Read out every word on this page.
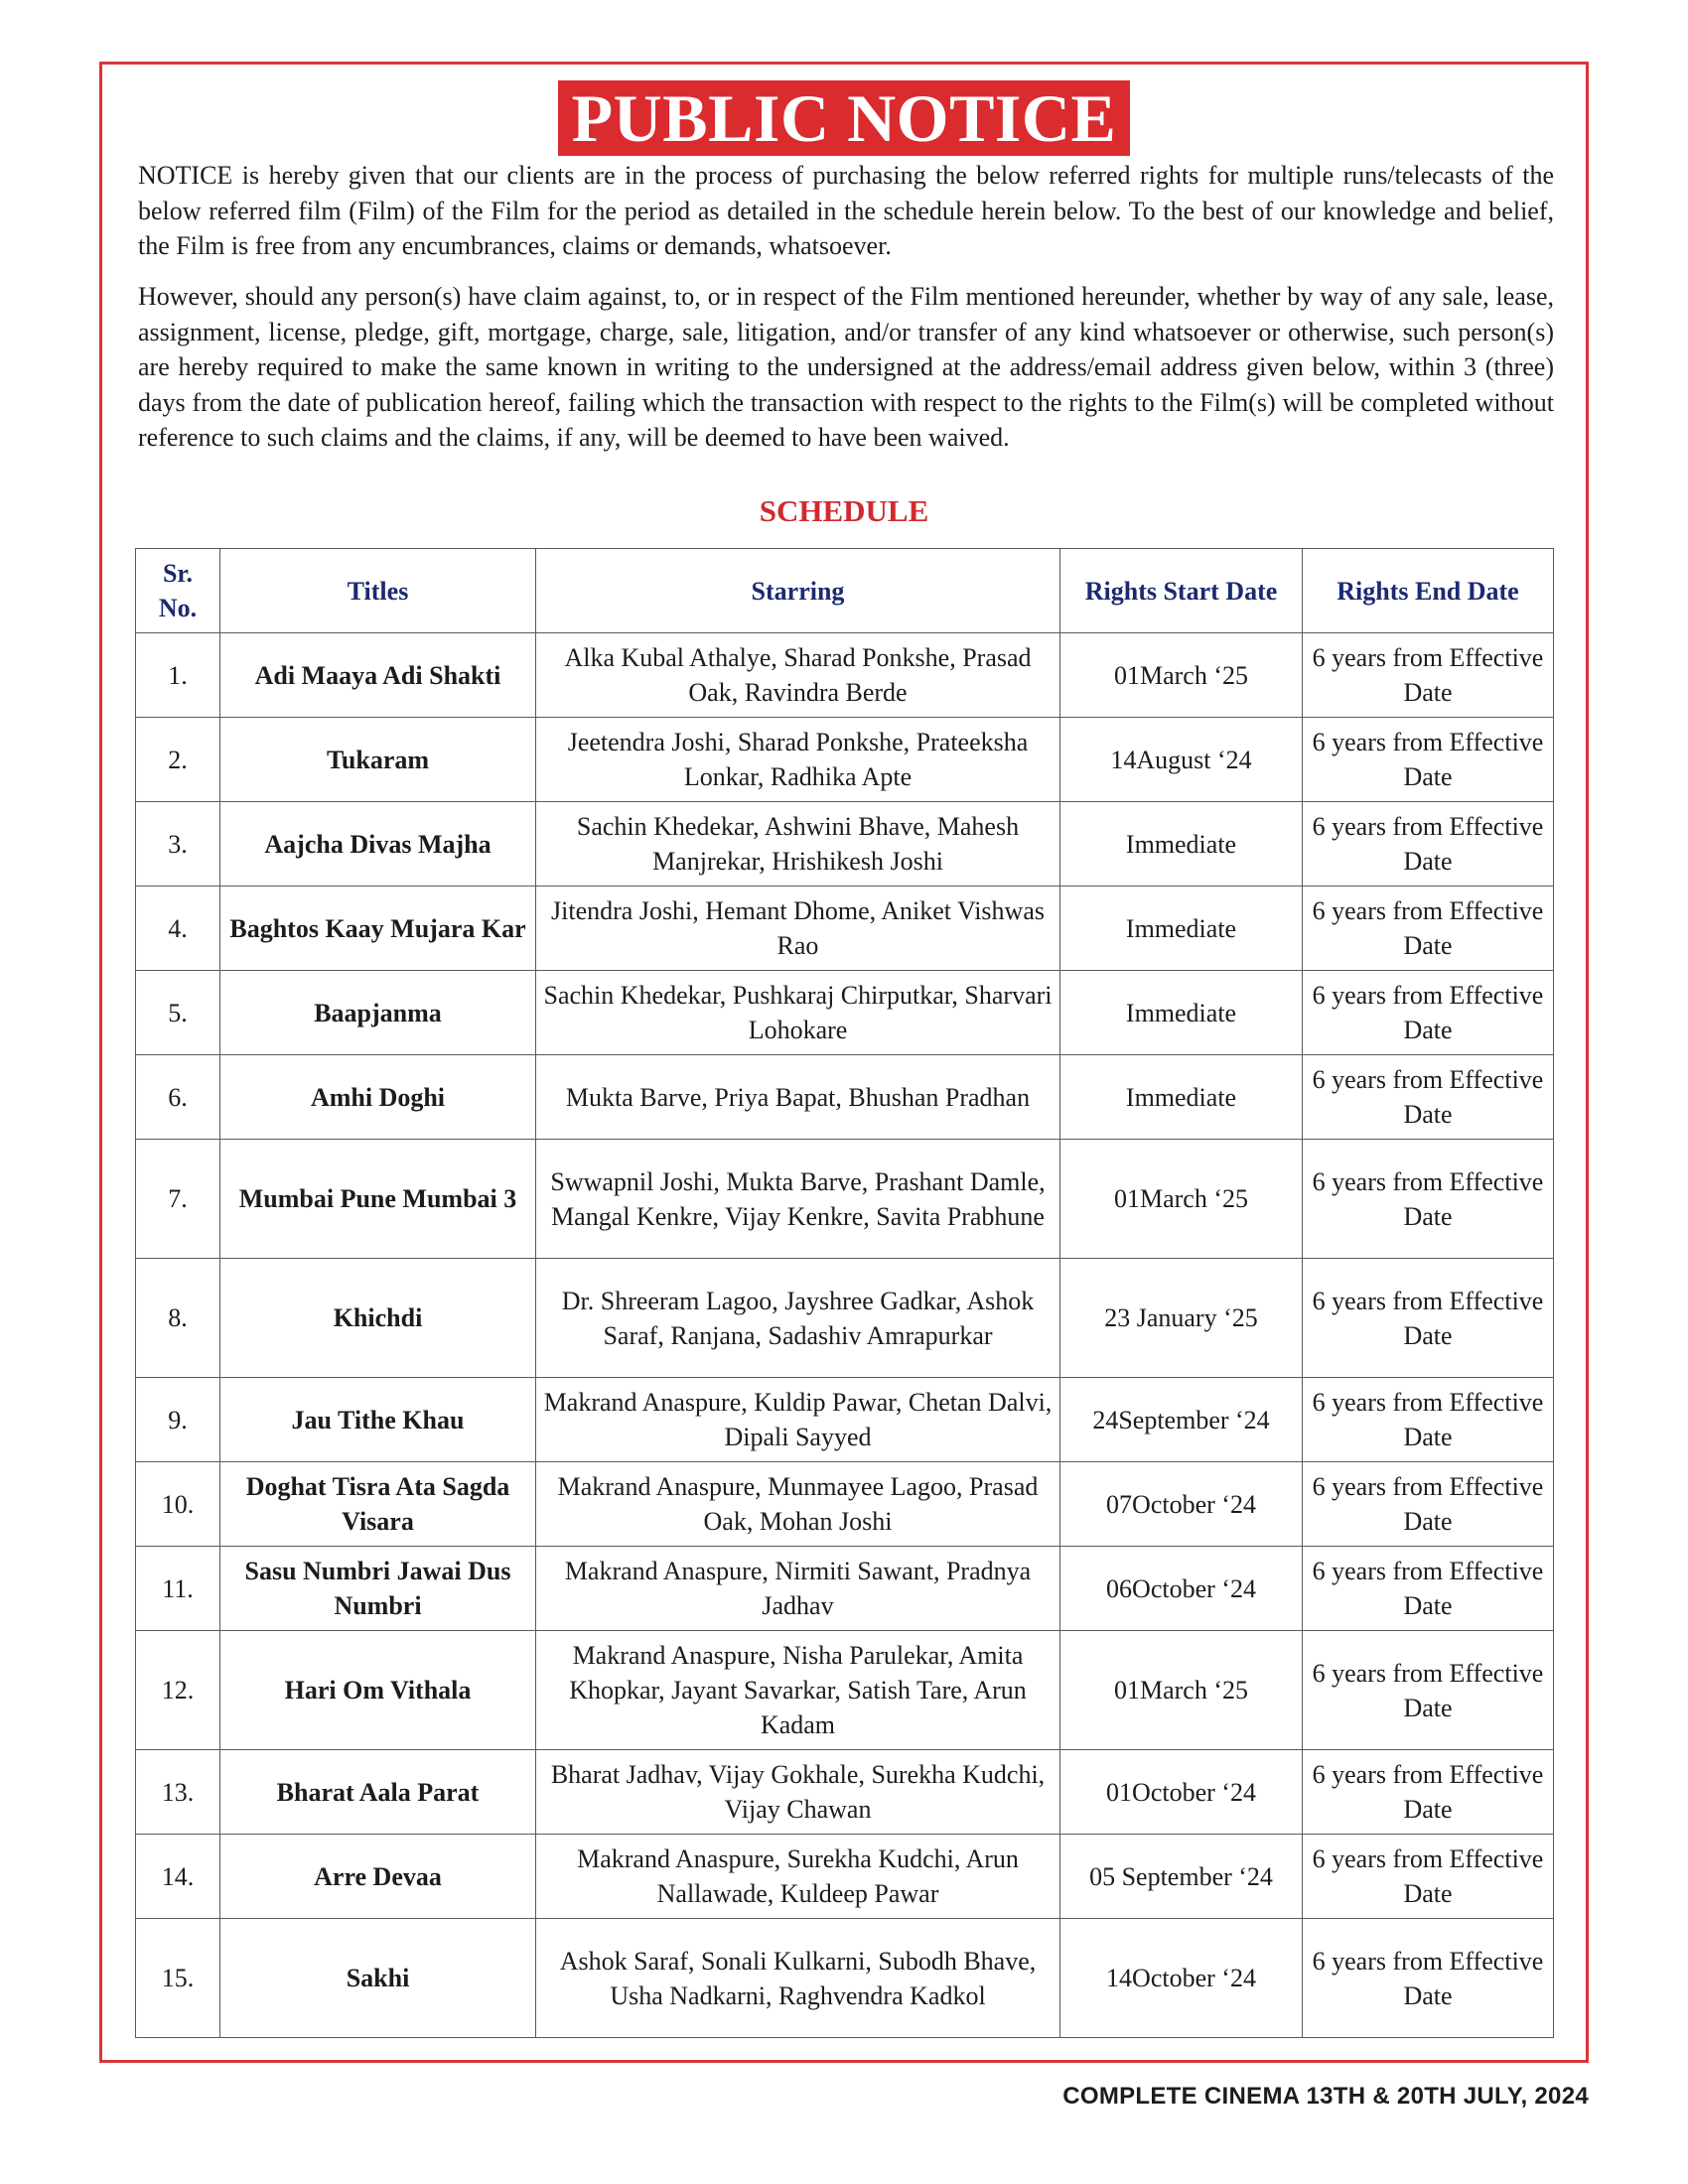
PUBLIC NOTICE

NOTICE is hereby given that our clients are in the process of purchasing the below referred rights for multiple runs/telecasts of the below referred film (Film) of the Film for the period as detailed in the schedule herein below. To the best of our knowledge and belief, the Film is free from any encumbrances, claims or demands, whatsoever.

However, should any person(s) have claim against, to, or in respect of the Film mentioned hereunder, whether by way of any sale, lease, assignment, license, pledge, gift, mortgage, charge, sale, litigation, and/or transfer of any kind whatsoever or otherwise, such person(s) are hereby required to make the same known in writing to the undersigned at the address/email address given below, within 3 (three) days from the date of publication hereof, failing which the transaction with respect to the rights to the Film(s) will be completed without reference to such claims and the claims, if any, will be deemed to have been waived.

SCHEDULE
Sr. No.	Titles	Starring	Rights Start Date	Rights End Date
1.	Adi Maaya Adi Shakti	Alka Kubal Athalye, Sharad Ponkshe, Prasad Oak, Ravindra Berde	01March ‘25	6 years from Effective Date
2.	Tukaram	Jeetendra Joshi, Sharad Ponkshe, Prateeksha Lonkar, Radhika Apte	14August ‘24	6 years from Effective Date
3.	Aajcha Divas Majha	Sachin Khedekar, Ashwini Bhave, Mahesh Manjrekar, Hrishikesh Joshi	Immediate	6 years from Effective Date
4.	Baghtos Kaay Mujara Kar	Jitendra Joshi, Hemant Dhome, Aniket Vishwas Rao	Immediate	6 years from Effective Date
5.	Baapjanma	Sachin Khedekar, Pushkaraj Chirputkar, Sharvari Lohokare	Immediate	6 years from Effective Date
6.	Amhi Doghi	Mukta Barve, Priya Bapat, Bhushan Pradhan	Immediate	6 years from Effective Date
7.	Mumbai Pune Mumbai 3	Swwapnil Joshi, Mukta Barve, Prashant Damle, Mangal Kenkre, Vijay Kenkre, Savita Prabhune	01March ‘25	6 years from Effective Date
8.	Khichdi	Dr. Shreeram Lagoo, Jayshree Gadkar, Ashok Saraf, Ranjana, Sadashiv Amrapurkar	23 January ‘25	6 years from Effective Date
9.	Jau Tithe Khau	Makrand Anaspure, Kuldip Pawar, Chetan Dalvi, Dipali Sayyed	24September ‘24	6 years from Effective Date
10.	Doghat Tisra Ata Sagda Visara	Makrand Anaspure, Munmayee Lagoo, Prasad Oak, Mohan Joshi	07October ‘24	6 years from Effective Date
11.	Sasu Numbri Jawai Dus Numbri	Makrand Anaspure, Nirmiti Sawant, Pradnya Jadhav	06October ‘24	6 years from Effective Date
12.	Hari Om Vithala	Makrand Anaspure, Nisha Parulekar, Amita Khopkar, Jayant Savarkar, Satish Tare, Arun Kadam	01March ‘25	6 years from Effective Date
13.	Bharat Aala Parat	Bharat Jadhav, Vijay Gokhale, Surekha Kudchi, Vijay Chawan	01October ‘24	6 years from Effective Date
14.	Arre Devaa	Makrand Anaspure, Surekha Kudchi, Arun Nallawade, Kuldeep Pawar	05 September ‘24	6 years from Effective Date
15.	Sakhi	Ashok Saraf, Sonali Kulkarni, Subodh Bhave, Usha Nadkarni, Raghvendra Kadkol	14October ‘24	6 years from Effective Date
COMPLETE CINEMA 13TH & 20TH JULY, 2024
